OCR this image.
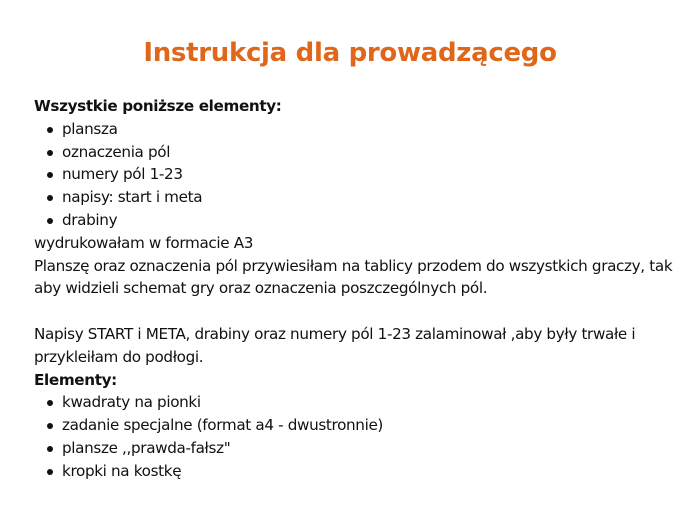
Instrukcja dla prowadzącego

Wszystkie poniższe elementy:

plansza
oznaczenia pól
numery pól 1-23
napisy: start i meta
drabiny

wydrukowałam w formacie A3

Planszę oraz oznaczenia pól przywiesiłam na tablicy przodem do wszystkich graczy, tak aby widzieli schemat gry oraz oznaczenia poszczególnych pól.

Napisy START i META, drabiny oraz numery pól 1-23 zalaminował ,aby były trwałe i przykleiłam do podłogi.

Elementy:

kwadraty na pionki
zadanie specjalne (format a4 - dwustronnie)
plansze ,,prawda-fałsz"
kropki na kostkę
